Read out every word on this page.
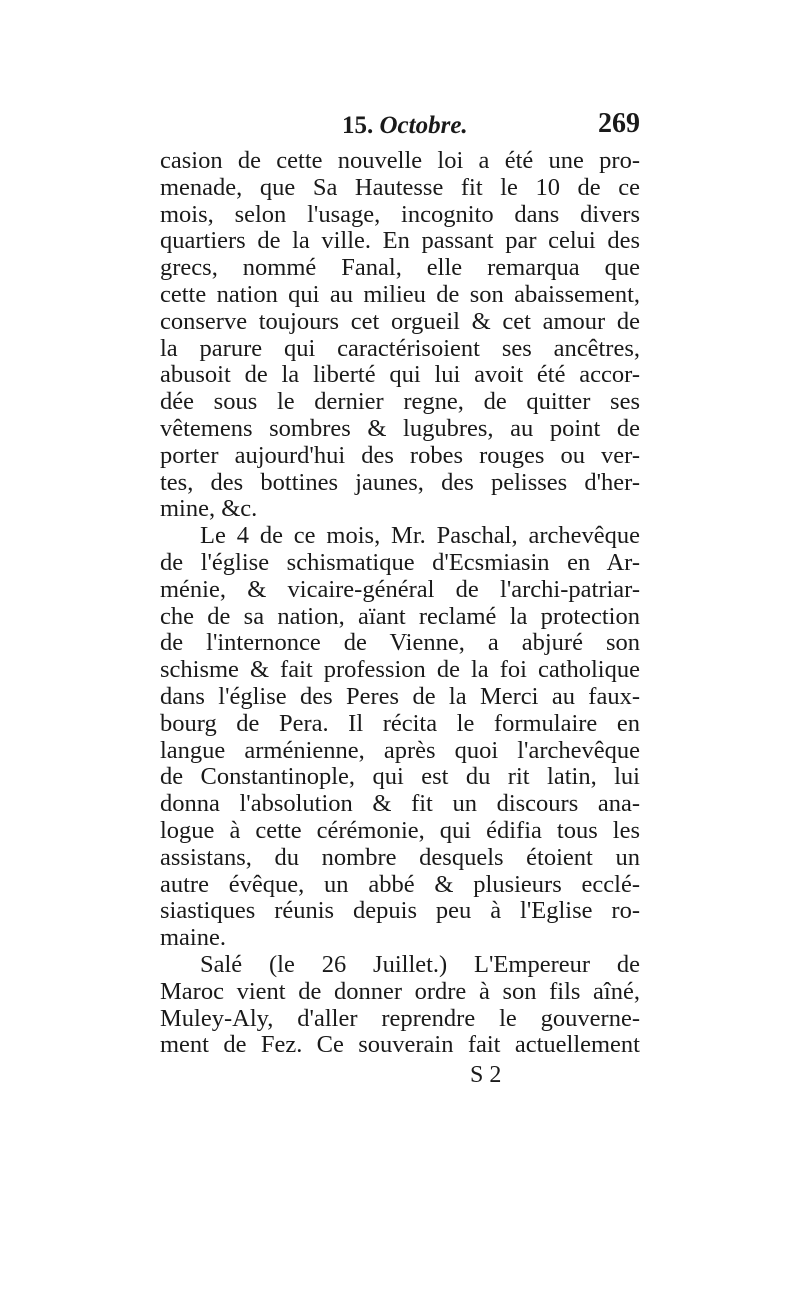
15. Octobre.	269
casion de cette nouvelle loi a été une pro-
menade, que Sa Hautesse fit le 10 de ce
mois, selon l'usage, incognito dans divers
quartiers de la ville. En passant par celui des
grecs, nommé Fanal, elle remarqua que
cette nation qui au milieu de son abaissement,
conserve toujours cet orgueil & cet amour de
la parure qui caractérisoient ses ancêtres,
abusoit de la liberté qui lui avoit été accor-
dée sous le dernier regne, de quitter ses
vêtemens sombres & lugubres, au point de
porter aujourd'hui des robes rouges ou ver-
tes, des bottines jaunes, des pelisses d'her-
mine, &c.
Le 4 de ce mois, Mr. Paschal, archevêque
de l'église schismatique d'Ecsmiasin en Ar-
ménie, & vicaire-général de l'archi-patriar-
che de sa nation, aïant reclamé la protection
de l'internonce de Vienne, a abjuré son
schisme & fait profession de la foi catholique
dans l'église des Peres de la Merci au faux-
bourg de Pera. Il récita le formulaire en
langue arménienne, après quoi l'archevêque
de Constantinople, qui est du rit latin, lui
donna l'absolution & fit un discours ana-
logue à cette cérémonie, qui édifia tous les
assistans, du nombre desquels étoient un
autre évêque, un abbé & plusieurs ecclé-
siastiques réunis depuis peu à l'Eglise ro-
maine.
Salé (le 26 Juillet.) L'Empereur de
Maroc vient de donner ordre à son fils aîné,
Muley-Aly, d'aller reprendre le gouverne-
ment de Fez. Ce souverain fait actuellement
S 2
